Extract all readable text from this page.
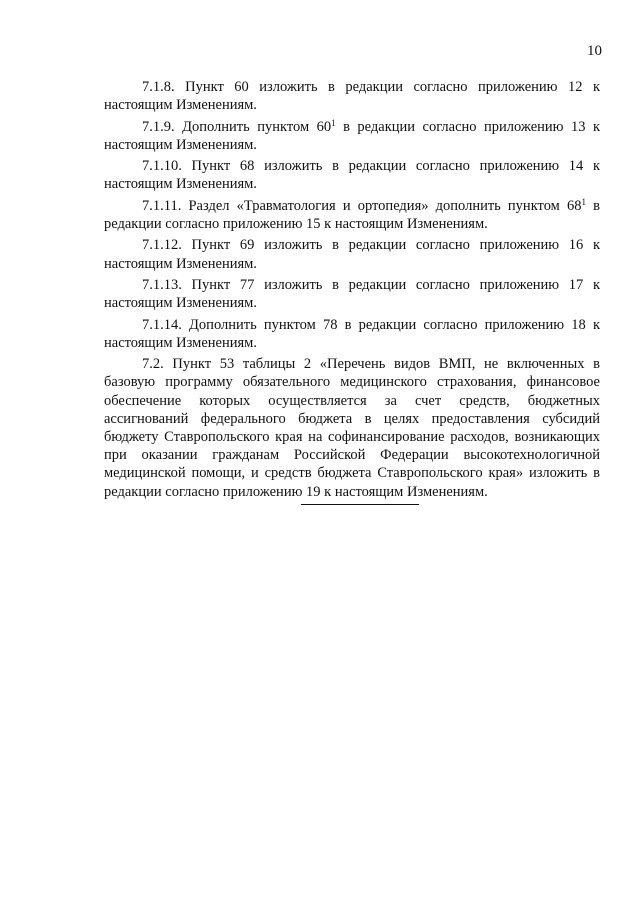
10

7.1.8. Пункт 60 изложить в редакции согласно приложению 12 к настоящим Изменениям.

7.1.9. Дополнить пунктом $60^1$ в редакции согласно приложению 13 к настоящим Изменениям.

7.1.10. Пункт 68 изложить в редакции согласно приложению 14 к настоящим Изменениям.

7.1.11. Раздел «Травматология и ортопедия» дополнить пунктом $68^1$ в редакции согласно приложению 15 к настоящим Изменениям.

7.1.12. Пункт 69 изложить в редакции согласно приложению 16 к настоящим Изменениям.

7.1.13. Пункт 77 изложить в редакции согласно приложению 17 к настоящим Изменениям.

7.1.14. Дополнить пунктом 78 в редакции согласно приложению 18 к настоящим Изменениям.

7.2. Пункт 53 таблицы 2 «Перечень видов ВМП, не включенных в базовую программу обязательного медицинского страхования, финансовое обеспечение которых осуществляется за счет средств, бюджетных ассигнований федерального бюджета в целях предоставления субсидий бюджету Ставропольского края на софинансирование расходов, возникающих при оказании гражданам Российской Федерации высокотехнологичной медицинской помощи, и средств бюджета Ставропольского края» изложить в редакции согласно приложению 19 к настоящим Изменениям.
